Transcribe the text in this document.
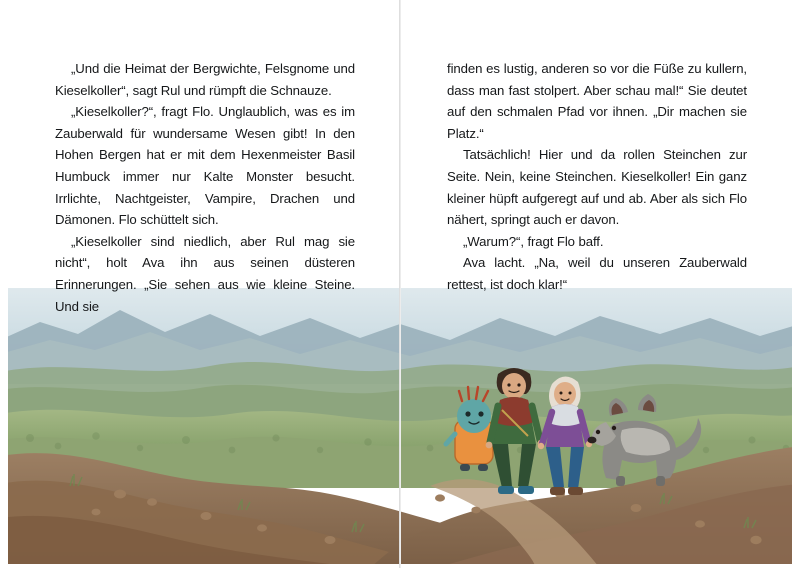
„Und die Heimat der Bergwichte, Felsgnome und Kieselkoller“, sagt Rul und rümpft die Schnauze.

„Kieselkoller?“, fragt Flo. Unglaublich, was es im Zauberwald für wundersame Wesen gibt! In den Hohen Bergen hat er mit dem Hexenmeister Basil Humbuck immer nur Kalte Monster besucht. Irrlichte, Nachtgeister, Vampire, Drachen und Dämonen. Flo schüttelt sich.

„Kieselkoller sind niedlich, aber Rul mag sie nicht“, holt Ava ihn aus seinen düsteren Erinnerungen. „Sie sehen aus wie kleine Steine. Und sie

finden es lustig, anderen so vor die Füße zu kullern, dass man fast stolpert. Aber schau mal!“ Sie deutet auf den schmalen Pfad vor ihnen. „Dir machen sie Platz.“

Tatsächlich! Hier und da rollen Steinchen zur Seite. Nein, keine Steinchen. Kieselkoller! Ein ganz kleiner hüpft aufgeregt auf und ab. Aber als sich Flo nähert, springt auch er davon.

„Warum?“, fragt Flo baff.

Ava lacht. „Na, weil du unseren Zauberwald rettest, ist doch klar!“
